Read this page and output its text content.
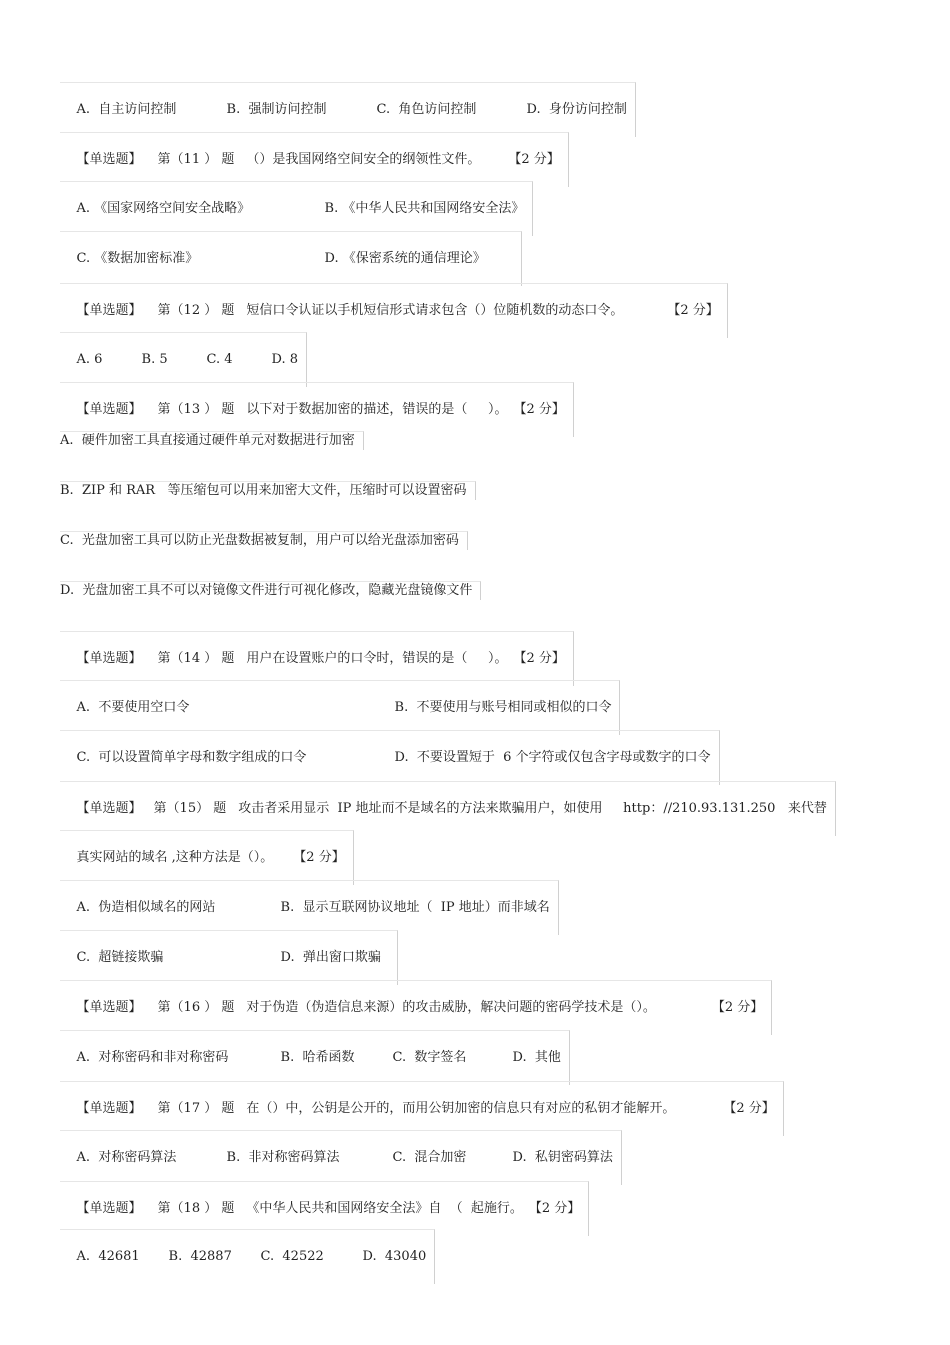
A.  自主访问控制	B.  强制访问控制	C.  角色访问控制	D.  身份访问控制

【单选题】 第（11 ） 题 （）是我国网络空间安全的纲领性文件。 【2 分】

A. 《国家网络空间安全战略》	B. 《中华人民共和国网络安全法》

C. 《数据加密标准》	D. 《保密系统的通信理论》

【单选题】 第（12 ） 题 短信口令认证以手机短信形式请求包含（）位随机数的动态口令。	【2 分】

A. 6	B. 5	C. 4	D. 8

【单选题】 第（13 ） 题 以下对于数据加密的描述，错误的是（     ）。 【2 分】

A.  硬件加密工具直接通过硬件单元对数据进行加密
B.  ZIP 和 RAR   等压缩包可以用来加密大文件，压缩时可以设置密码
C.  光盘加密工具可以防止光盘数据被复制，用户可以给光盘添加密码
D.  光盘加密工具不可以对镜像文件进行可视化修改，隐藏光盘镜像文件

【单选题】 第（14 ） 题 用户在设置账户的口令时，错误的是（     ）。 【2 分】

A.  不要使用空口令	B.  不要使用与账号相同或相似的口令

C.  可以设置简单字母和数字组成的口令	D.  不要设置短于  6 个字符或仅包含字母或数字的口令

【单选题】 第（15） 题 攻击者采用显示  IP 地址而不是域名的方法来欺骗用户，如使用     http：//210.93.131.250   来代替

真实网站的域名 ,这种方法是（）。 【2 分】

A.  伪造相似域名的网站	B.  显示互联网协议地址（  IP 地址）而非域名

C.  超链接欺骗	D.  弹出窗口欺骗

【单选题】 第（16 ） 题 对于伪造（伪造信息来源）的攻击威胁，解决问题的密码学技术是（）。	【2 分】

A.  对称密码和非对称密码	B.  哈希函数	C.  数字签名	D.  其他

【单选题】 第（17 ） 题 在（）中，公钥是公开的，而用公钥加密的信息只有对应的私钥才能解开。	【2 分】

A.  对称密码算法	B.  非对称密码算法	C.  混合加密	D.  私钥密码算法

【单选题】 第（18 ） 题 《中华人民共和国网络安全法》自  （  起施行。 【2 分】

A.  42681 B.  42887 C.  42522	D.  43040
